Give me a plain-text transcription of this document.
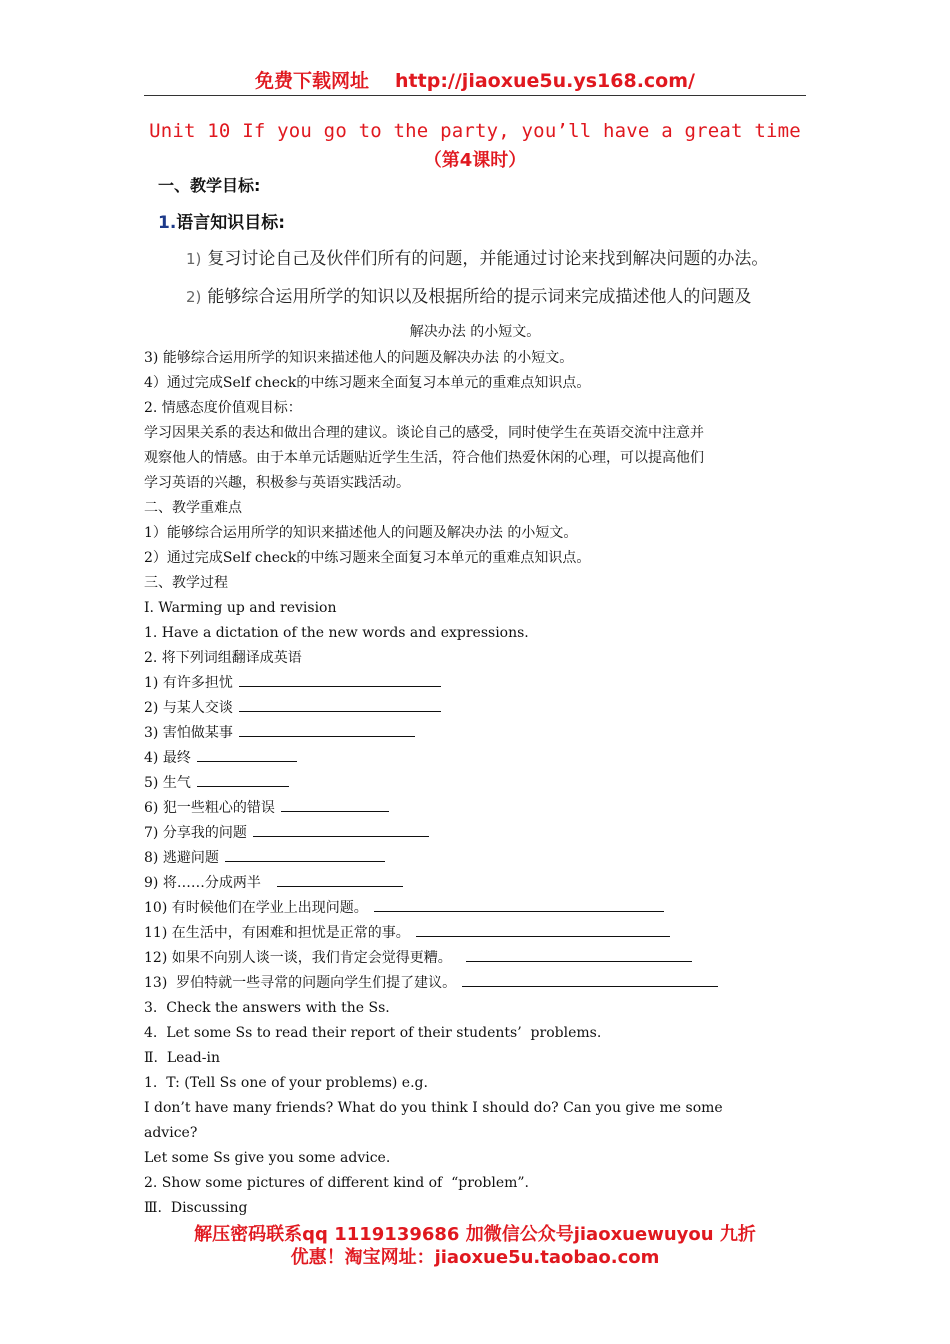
免费下载网址 http://jiaoxue5u.ys168.com/
Unit 10 If you go to the party, you’ll have a great time
（第4课时）
一、教学目标:
1.语言知识目标:
1) 复习讨论自己及伙伴们所有的问题，并能通过讨论来找到解决问题的办法。
2) 能够综合运用所学的知识以及根据所给的提示词来完成描述他人的问题及
解决办法 的小短文。
3) 能够综合运用所学的知识来描述他人的问题及解决办法 的小短文。
4）通过完成Self check的中练习题来全面复习本单元的重难点知识点。
2. 情感态度价值观目标：
学习因果关系的表达和做出合理的建议。谈论自己的感受，同时使学生在英语交流中注意并
观察他人的情感。由于本单元话题贴近学生生活，符合他们热爱休闲的心理，可以提高他们
学习英语的兴趣，积极参与英语实践活动。
二、教学重难点
1）能够综合运用所学的知识来描述他人的问题及解决办法 的小短文。
2）通过完成Self check的中练习题来全面复习本单元的重难点知识点。
三、教学过程
Ⅰ. Warming up and revision
1. Have a dictation of the new words and expressions.
2. 将下列词组翻译成英语
1) 有许多担忧
2) 与某人交谈
3) 害怕做某事
4) 最终
5) 生气
6) 犯一些粗心的错误
7) 分享我的问题
8) 逃避问题
9) 将……分成两半
10) 有时候他们在学业上出现问题。
11) 在生活中，有困难和担忧是正常的事。
12) 如果不向别人谈一谈，我们肯定会觉得更糟。
13)  罗伯特就一些寻常的问题向学生们提了建议。
3.  Check the answers with the Ss.
4.  Let some Ss to read their report of their students’  problems.
Ⅱ.  Lead-in
1.  T: (Tell Ss one of your problems) e.g.
I don’t have many friends? What do you think I should do? Can you give me some
advice?
Let some Ss give you some advice.
2. Show some pictures of different kind of  “problem”.
Ⅲ.  Discussing
解压密码联系qq 1119139686 加微信公众号jiaoxuewuyou 九折
优惠！淘宝网址：jiaoxue5u.taobao.com
